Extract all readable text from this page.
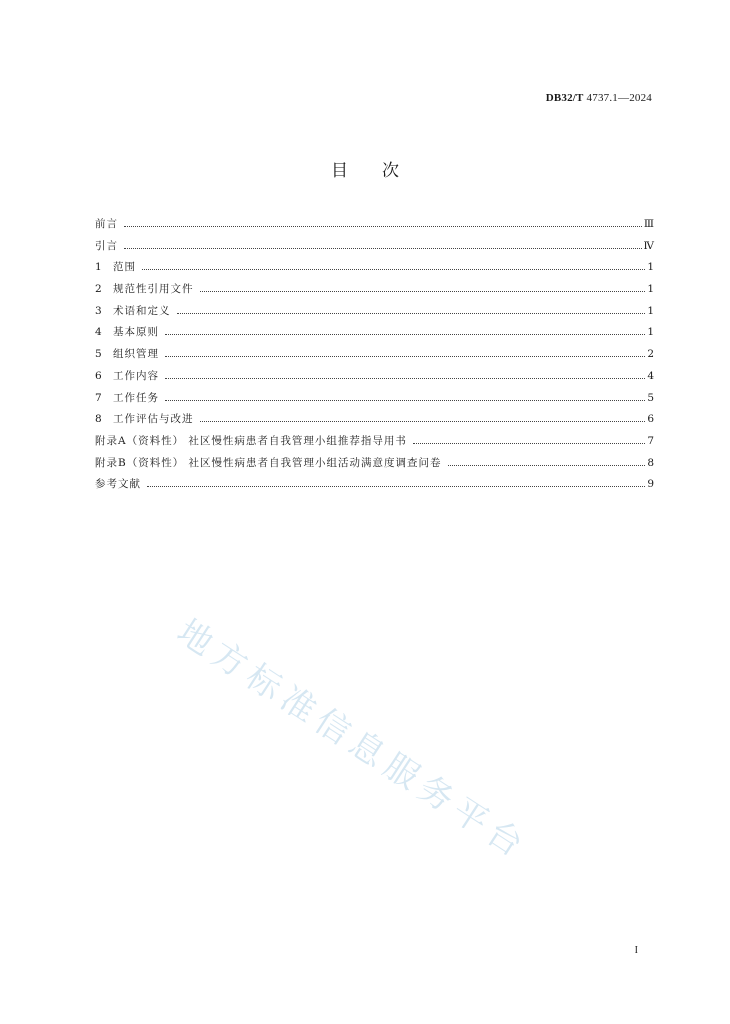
DB32/T 4737.1—2024
目次
前言	Ⅲ
引言	Ⅳ
1	范围	1
2	规范性引用文件	1
3	术语和定义	1
4	基本原则	1
5	组织管理	2
6	工作内容	4
7	工作任务	5
8	工作评估与改进	6
附录A（资料性） 社区慢性病患者自我管理小组推荐指导用书	7
附录B（资料性） 社区慢性病患者自我管理小组活动满意度调查问卷	8
参考文献	9
地方标准信息服务平台
I
